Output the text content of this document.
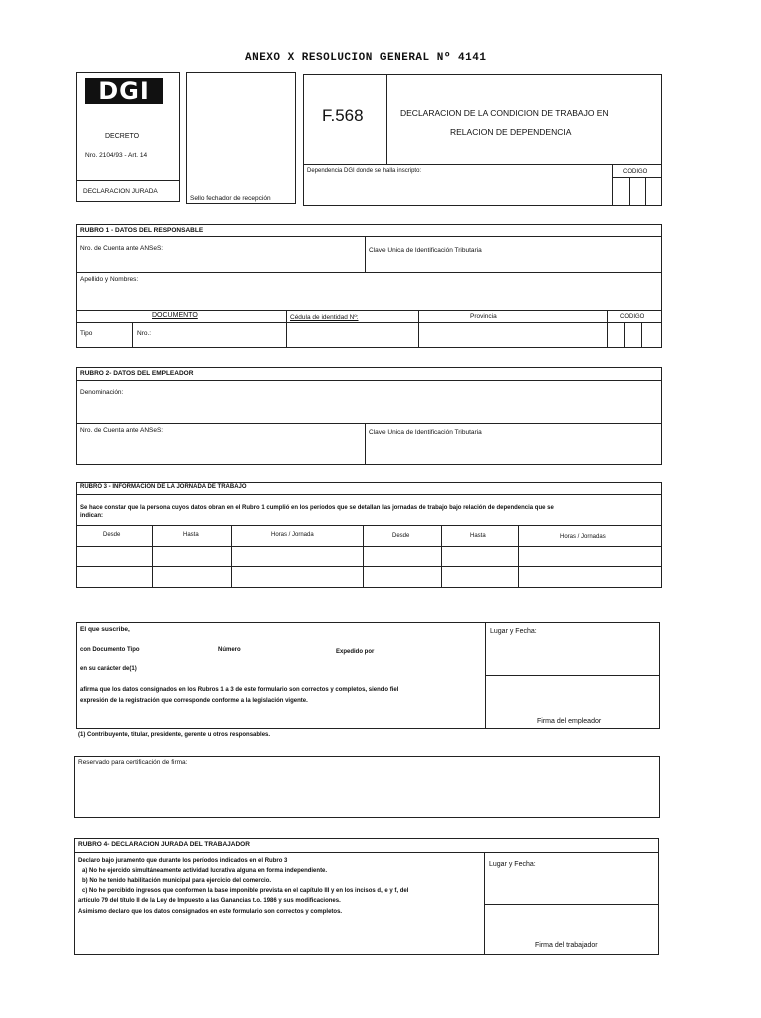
ANEXO X RESOLUCION GENERAL Nº 4141
DGI
DECRETO
Nro. 2104/93 - Art. 14
DECLARACION JURADA
Sello fechador de recepción
F.568	DECLARACION DE LA CONDICION DE TRABAJO EN
RELACION DE DEPENDENCIA
Dependencia DGI donde se halla inscripto:	CODIGO
RUBRO 1 - DATOS DEL RESPONSABLE
Nro. de Cuenta ante ANSeS:	Clave Unica de Identificación Tributaria
Apellido y Nombres:
DOCUMENTO	Cédula de identidad Nº:	Provincia	CODIGO
Tipo	Nro.:
RUBRO 2- DATOS DEL EMPLEADOR
Denominación:
Nro. de Cuenta ante ANSeS:	Clave Unica de Identificación Tributaria
RUBRO 3 - INFORMACION DE LA JORNADA DE TRABAJO
Se hace constar que la persona cuyos datos obran en el Rubro 1 cumplió en los períodos que se detallan las jornadas de trabajo bajo relación de dependencia que se
indican:
Desde	Hasta	Horas / Jornada	Desde	Hasta	Horas / Jornadas
El que suscribe,
con Documento Tipo	Número	Expedido por
en su carácter de(1)
afirma que los datos consignados en los Rubros 1 a 3 de este formulario son correctos y completos, siendo fiel
expresión de la registración que corresponde conforme a la legislación vigente.
Lugar y Fecha:
Firma del empleador
(1) Contribuyente, titular, presidente, gerente u otros responsables.
Reservado para certificación de firma:
RUBRO 4- DECLARACION JURADA DEL TRABAJADOR
Declaro bajo juramento que durante los períodos indicados en el Rubro 3
a) No he ejercido simultáneamente actividad lucrativa alguna en forma independiente.
b) No he tenido habilitación municipal para ejercicio del comercio.
c) No he percibido ingresos que conformen la base imponible prevista en el capítulo III y en los incisos d, e y f, del
artículo 79 del título II de la Ley de Impuesto a las Ganancias t.o. 1986 y sus modificaciones.
Asimismo declaro que los datos consignados en este formulario son correctos y completos.
Lugar y Fecha:
Firma del trabajador
